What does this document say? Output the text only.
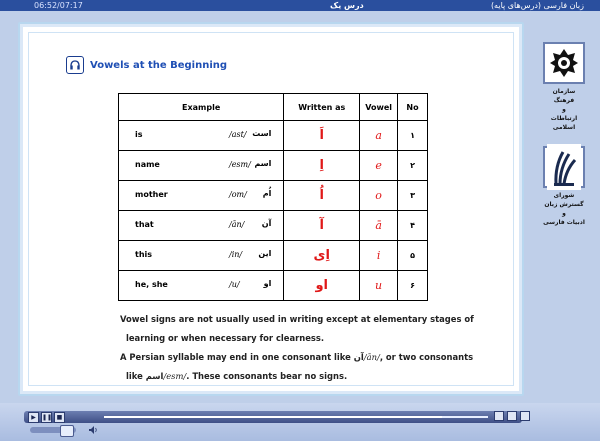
06:52/07:17	درس یک	زبان فارسی (درس‌های پایه)
Vowels at the Beginning
Example	Written as	Vowel	No

is /ast/ است	اَ	a	۱

name /esm/ اسم	اِ	e	۲

mother /om/ اُم	اُ	o	۳

that /ān/ آن	آ	ā	۴

this /in/ این	اِی	i	۵

he, she /u/ او	او	u	۶
Vowel signs are not usually used in writing except at elementary stages of
learning or when necessary for clearness.
A Persian syllable may end in one consonant like آن/ān/, or two consonants
like اسم/esm/. These consonants bear no signs.
سازمان فرهنگ
و
ارتباطات اسلامی
شورای گسترش زبان
و
ادبیات فارسی
▶	❚❚ ■
